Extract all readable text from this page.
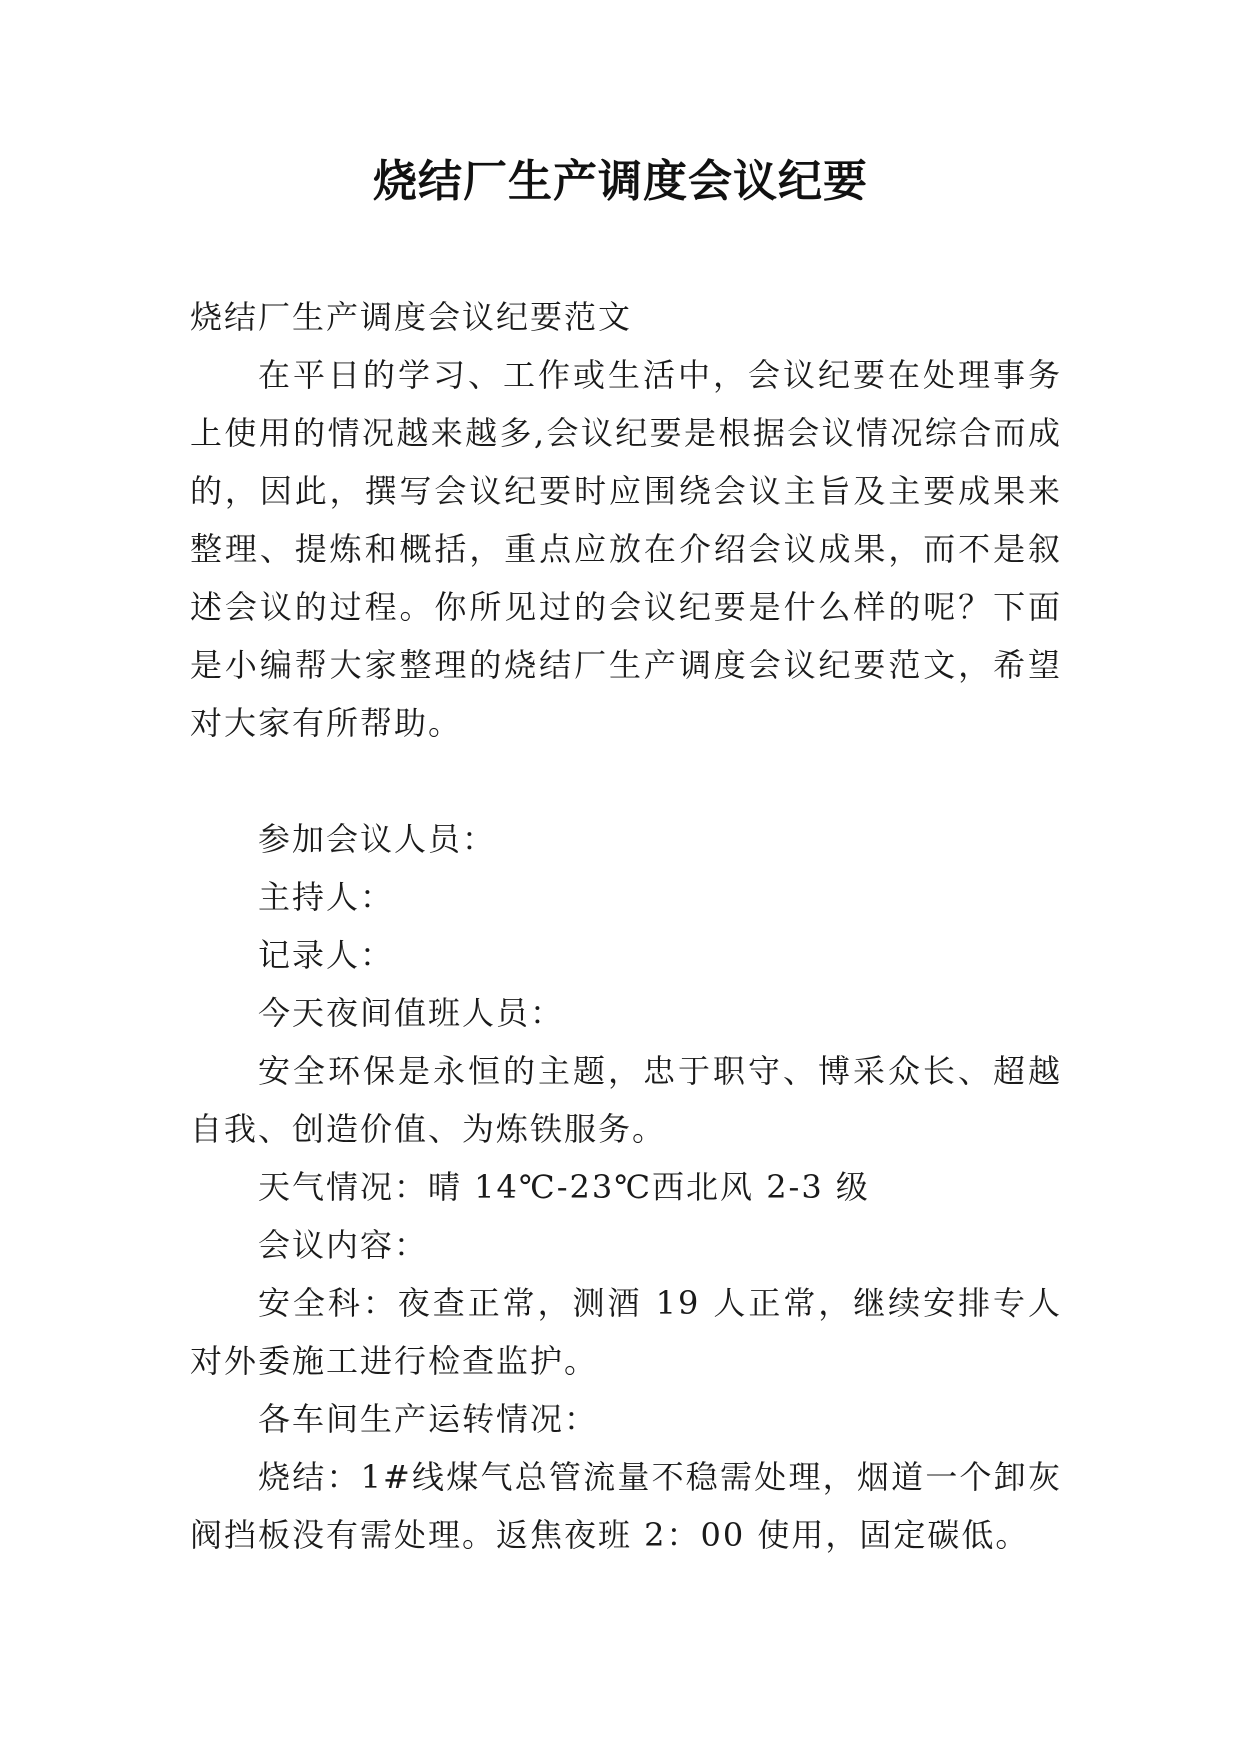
烧结厂生产调度会议纪要

烧结厂生产调度会议纪要范文

在平日的学习、工作或生活中，会议纪要在处理事务上使用的情况越来越多,会议纪要是根据会议情况综合而成的，因此，撰写会议纪要时应围绕会议主旨及主要成果来整理、提炼和概括，重点应放在介绍会议成果，而不是叙述会议的过程。你所见过的会议纪要是什么样的呢？下面是小编帮大家整理的烧结厂生产调度会议纪要范文，希望对大家有所帮助。

参加会议人员：

主持人：

记录人：

今天夜间值班人员：

安全环保是永恒的主题，忠于职守、博采众长、超越自我、创造价值、为炼铁服务。

天气情况：晴 14℃-23℃西北风 2-3 级

会议内容：

安全科：夜查正常，测酒 19 人正常，继续安排专人对外委施工进行检查监护。

各车间生产运转情况：

烧结：1#线煤气总管流量不稳需处理，烟道一个卸灰阀挡板没有需处理。返焦夜班 2：00 使用，固定碳低。
